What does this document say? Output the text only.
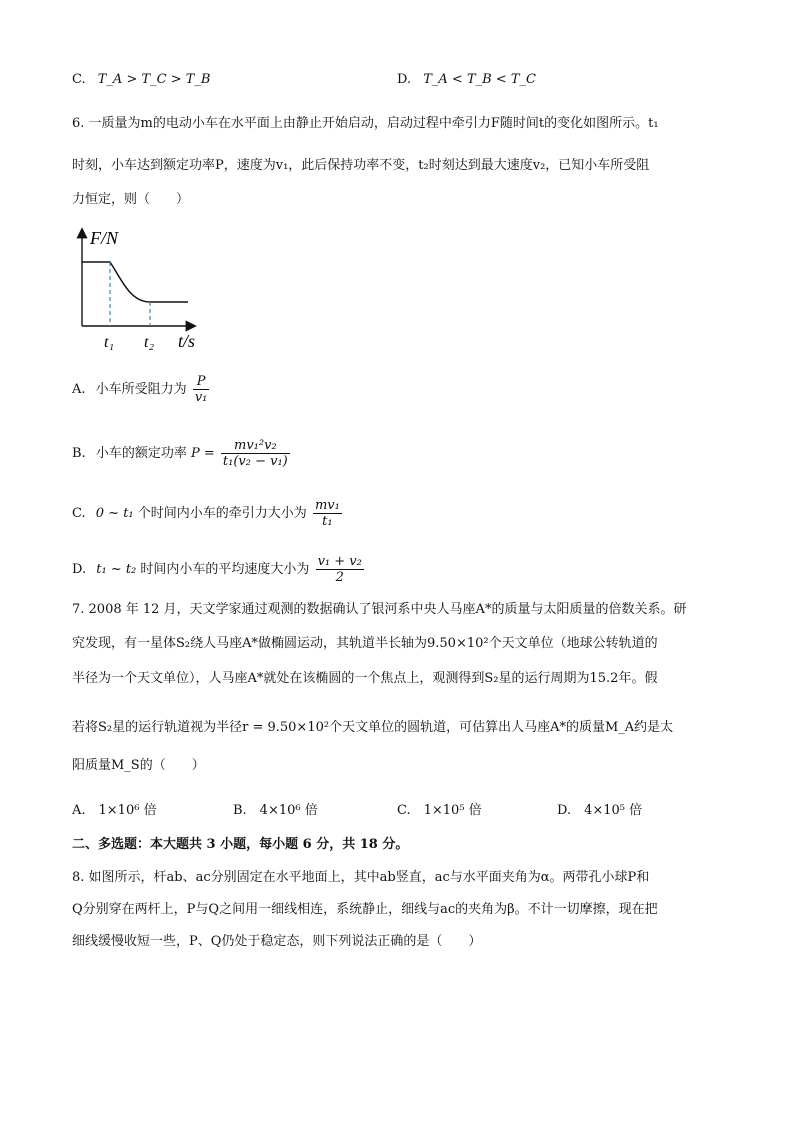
C. T_A > T_C > T_B	D. T_A < T_B < T_C
6. 一质量为m的电动小车在水平面上由静止开始启动，启动过程中牵引力F随时间t的变化如图所示。t₁
时刻，小车达到额定功率P，速度为v₁，此后保持功率不变，t₂时刻达到最大速度v₂，已知小车所受阻
力恒定，则（　　）
F/N
t₁ t₂ t/s
A. 小车所受阻力为 $\frac{P}{\text{v₁}}$
B. 小车的额定功率 $P = \frac{\text{mv₁²v₂}}{\text{t₁(v₂ − v₁)}}$
C. 0 ~ t₁ 个时间内小车的牵引力大小为 $\frac{\text{mv₁}}{\text{t₁}}$
D. t₁ ~ t₂ 时间内小车的平均速度大小为 $\frac{\text{v₁ + v₂}}{2}$
7. 2008 年 12 月，天文学家通过观测的数据确认了银河系中央人马座A*的质量与太阳质量的倍数关系。研
究发现，有一星体S₂绕人马座A*做椭圆运动，其轨道半长轴为9.50×10²个天文单位（地球公转轨道的
半径为一个天文单位），人马座A*就处在该椭圆的一个焦点上，观测得到S₂星的运行周期为15.2年。假
若将S₂星的运行轨道视为半径r = 9.50×10²个天文单位的圆轨道，可估算出人马座A*的质量M_A约是太
阳质量M_S的（　　）
A.　1×10⁶ 倍	B.　4×10⁶ 倍	C.　1×10⁵ 倍	D.　4×10⁵ 倍
二、多选题：本大题共 3 小题，每小题 6 分，共 18 分。
8. 如图所示，杆ab、ac分别固定在水平地面上，其中ab竖直，ac与水平面夹角为α。两带孔小球P和
Q分别穿在两杆上，P与Q之间用一细线相连，系统静止，细线与ac的夹角为β。不计一切摩擦，现在把
细线缓慢收短一些，P、Q仍处于稳定态，则下列说法正确的是（　　）
